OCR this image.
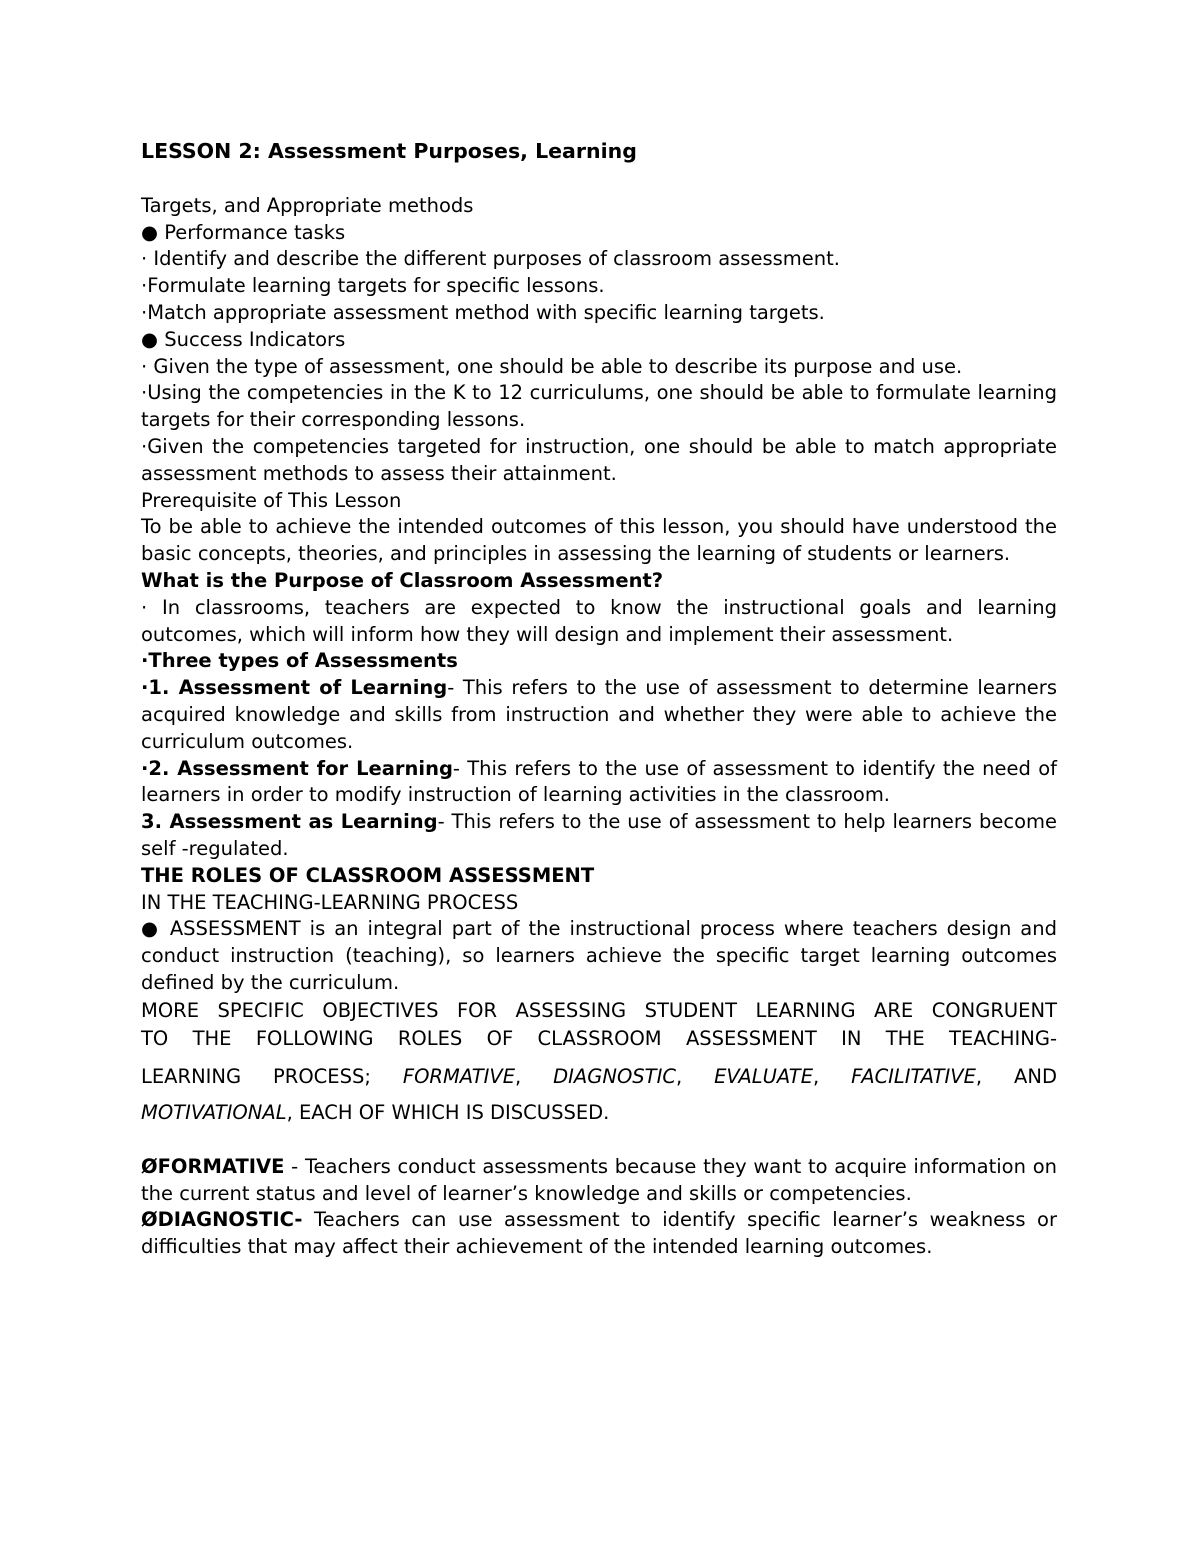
LESSON 2: Assessment Purposes, Learning

Targets, and Appropriate methods

● Performance tasks

· Identify and describe the different purposes of classroom assessment.

·Formulate learning targets for specific lessons.

·Match appropriate assessment method with specific learning targets.

● Success Indicators

· Given the type of assessment, one should be able to describe its purpose and use.

·Using the competencies in the K to 12 curriculums, one should be able to formulate learning targets for their corresponding lessons.

·Given the competencies targeted for instruction, one should be able to match appropriate assessment methods to assess their attainment.

Prerequisite of This Lesson

To be able to achieve the intended outcomes of this lesson, you should have understood the basic concepts, theories, and principles in assessing the learning of students or learners.

What is the Purpose of Classroom Assessment?

· In classrooms, teachers are expected to know the instructional goals and learning outcomes, which will inform how they will design and implement their assessment.

·Three types of Assessments

·1. Assessment of Learning- This refers to the use of assessment to determine learners acquired knowledge and skills from instruction and whether they were able to achieve the curriculum outcomes.

·2. Assessment for Learning- This refers to the use of assessment to identify the need of learners in order to modify instruction of learning activities in the classroom.

3. Assessment as Learning- This refers to the use of assessment to help learners become self -regulated.

THE ROLES OF CLASSROOM ASSESSMENT

IN THE TEACHING-LEARNING PROCESS

● ASSESSMENT is an integral part of the instructional process where teachers design and conduct instruction (teaching), so learners achieve the specific target learning outcomes defined by the curriculum.

MORE SPECIFIC OBJECTIVES FOR ASSESSING STUDENT LEARNING ARE CONGRUENT

TO THE FOLLOWING ROLES OF CLASSROOM ASSESSMENT IN THE TEACHING-

LEARNING PROCESS; FORMATIVE, DIAGNOSTIC, EVALUATE, FACILITATIVE, AND

MOTIVATIONAL, EACH OF WHICH IS DISCUSSED.

ØFORMATIVE - Teachers conduct assessments because they want to acquire information on the current status and level of learner’s knowledge and skills or competencies.

ØDIAGNOSTIC- Teachers can use assessment to identify specific learner’s weakness or difficulties that may affect their achievement of the intended learning outcomes.
